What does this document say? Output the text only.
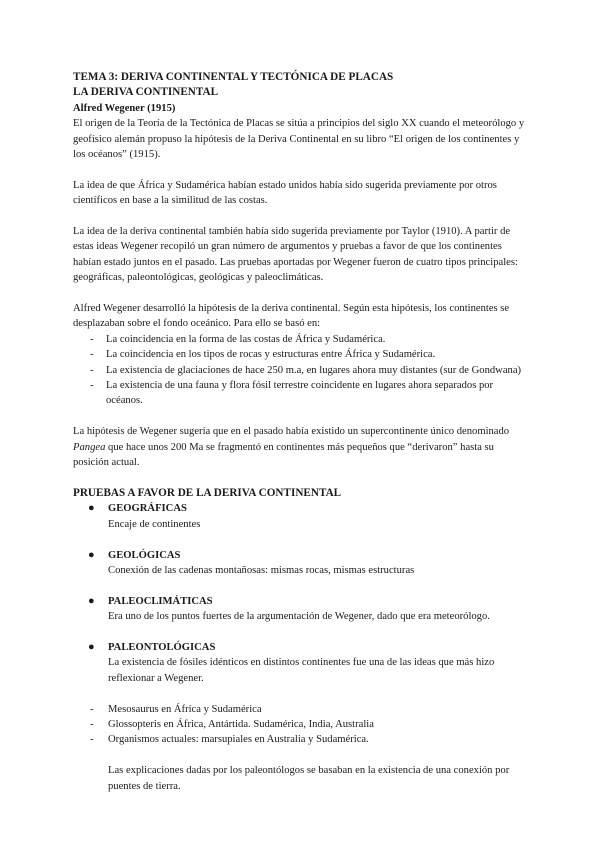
TEMA 3: DERIVA CONTINENTAL Y TECTÓNICA DE PLACAS
LA DERIVA CONTINENTAL

Alfred Wegener (1915)

El origen de la Teoría de la Tectónica de Placas se sitúa a principios del siglo XX cuando el meteorólogo y geofísico alemán propuso la hipótesis de la Deriva Continental en su libro “El origen de los continentes y los océanos” (1915).

La idea de que África y Sudamérica habían estado unidos había sido sugerida previamente por otros científicos en base a la similitud de las costas.

La idea de la deriva continental también había sido sugerida previamente por Taylor (1910). A partir de estas ideas Wegener recopiló un gran número de argumentos y pruebas a favor de que los continentes habían estado juntos en el pasado. Las pruebas aportadas por Wegener fueron de cuatro tipos principales: geográficas, paleontológicas, geológicas y paleoclimáticas.

Alfred Wegener desarrolló la hipótesis de la deriva continental. Según esta hipótesis, los continentes se desplazaban sobre el fondo oceánico. Para ello se basó en:

- La coincidencia en la forma de las costas de África y Sudamérica.
- La coincidencia en los tipos de rocas y estructuras entre África y Sudamérica.
- La existencia de glaciaciones de hace 250 m.a, en lugares ahora muy distantes (sur de Gondwana)
- La existencia de una fauna y flora fósil terrestre coincidente en lugares ahora separados por océanos.

La hipótesis de Wegener sugería que en el pasado había existido un supercontinente único denominado Pangea que hace unos 200 Ma se fragmentó en continentes más pequeños que “derivaron” hasta su posición actual.

PRUEBAS A FAVOR DE LA DERIVA CONTINENTAL
● GEOGRÁFICAS
Encaje de continentes
● GEOLÓGICAS
Conexión de las cadenas montañosas: mismas rocas, mismas estructuras
● PALEOCLIMÁTICAS
Era uno de los puntos fuertes de la argumentación de Wegener, dado que era meteorólogo.
● PALEONTOLÓGICAS
La existencia de fósiles idénticos en distintos continentes fue una de las ideas que más hizo reflexionar a Wegener.
- Mesosaurus en África y Sudamérica
- Glossopteris en África, Antártida. Sudamérica, India, Australia
- Organismos actuales: marsupiales en Australia y Sudamérica.

Las explicaciones dadas por los paleontólogos se basaban en la existencia de una conexión por puentes de tierra.
